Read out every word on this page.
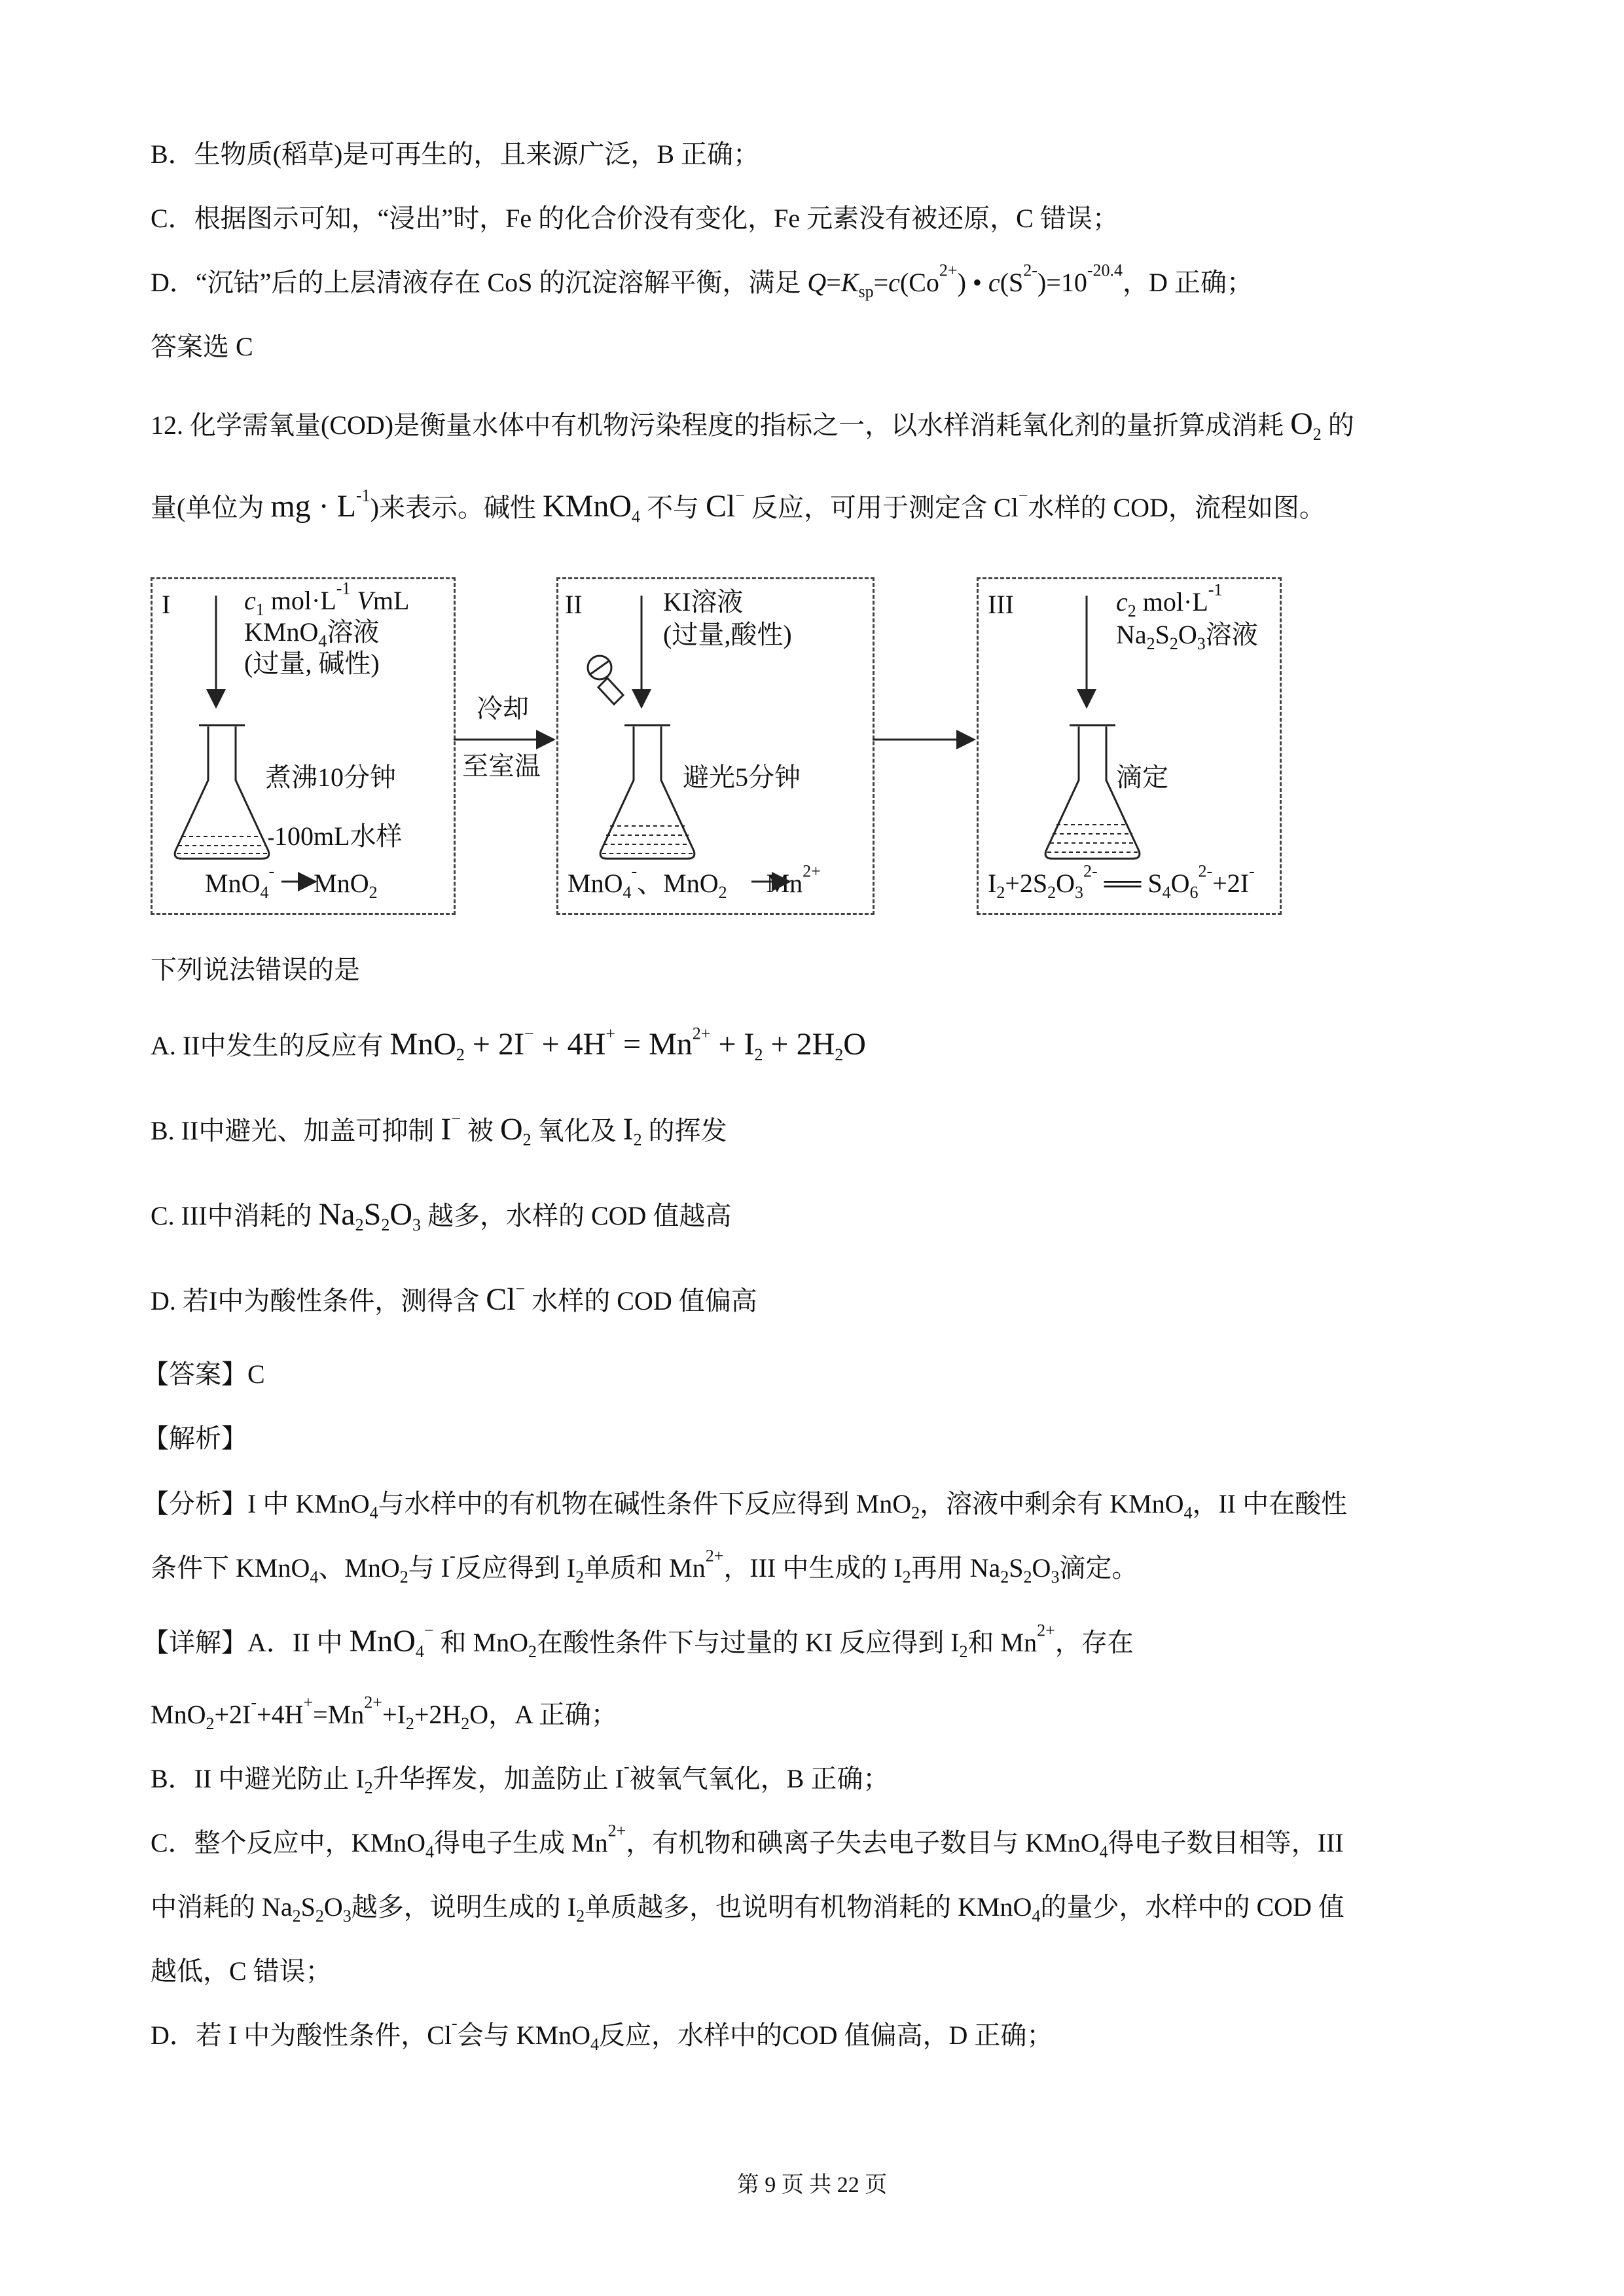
B．生物质(稻草)是可再生的，且来源广泛，B 正确；
C．根据图示可知，“浸出”时，Fe 的化合价没有变化，Fe 元素没有被还原，C 错误；
D．“沉钴”后的上层清液存在 CoS 的沉淀溶解平衡，满足 $Q=K_{sp}=c(Co^{2+})$ • $c(S^{2-})=10^{-20.4}$，D 正确；
答案选 C
12. 化学需氧量(COD)是衡量水体中有机物污染程度的指标之一，以水样消耗氧化剂的量折算成消耗 $O_2$ 的
量(单位为 mg · $L^{-1}$)来表示。碱性 KMnO$_4$ 不与 Cl− 反应，可用于测定含 Cl−水样的 COD，流程如图。
I	$c_1$ $mol\cdot L^{-1}$ VmL
KMnO$_4$溶液
(过量, 碱性)
煮沸10分钟
100mL水样
MnO$_4$- MnO$_2$
II	KI溶液
(过量,酸性)
避光5分钟
MnO$_4$-、MnO$_2$ $Mn^{2+}$
III	$c_2$ $mol\cdot L^{-1}$
$Na_2S_2O_3$溶液
滴定
$I_2+2S_2O_3^{2-}$ ══ $S_4O_6^{2-}+2I^-$
冷却
至室温
下列说法错误的是
A. II中发生的反应有 $MnO_2 + 2I^- + 4H^+ = Mn^{2+} + I_2 + 2H_2O$
B. II中避光、加盖可抑制 I− 被 $O_2$ 氧化及 $I_2$ 的挥发
C. III中消耗的 $Na_2S_2O_3$ 越多，水样的 COD 值越高
D. 若I中为酸性条件，测得含 Cl− 水样的 COD 值偏高
【答案】C
【解析】
【分析】I 中 KMnO$_4$与水样中的有机物在碱性条件下反应得到 MnO$_2$，溶液中剩余有 KMnO$_4$，II 中在酸性
条件下 KMnO$_4$、MnO$_2$与 I-反应得到 $I_2$单质和 $Mn^{2+}$，III 中生成的 $I_2$再用 $Na_2S_2O_3$滴定。
【详解】A．II 中 MnO$_4$− 和 MnO$_2$在酸性条件下与过量的 KI 反应得到 $I_2$和 $Mn^{2+}$，存在
$MnO_2+2I^-+4H^+=Mn^{2+}+I_2+2H_2O$，A 正确；
B．II 中避光防止 $I_2$升华挥发，加盖防止 I-被氧气氧化，B 正确；
C．整个反应中，KMnO$_4$得电子生成 $Mn^{2+}$，有机物和碘离子失去电子数目与 KMnO$_4$得电子数目相等，III
中消耗的 $Na_2S_2O_3$越多，说明生成的 $I_2$单质越多，也说明有机物消耗的 KMnO$_4$的量少，水样中的 COD 值
越低，C 错误；
D．若 I 中为酸性条件，Cl-会与 KMnO$_4$反应，水样中的COD 值偏高，D 正确；
第 9 页 共 22 页
